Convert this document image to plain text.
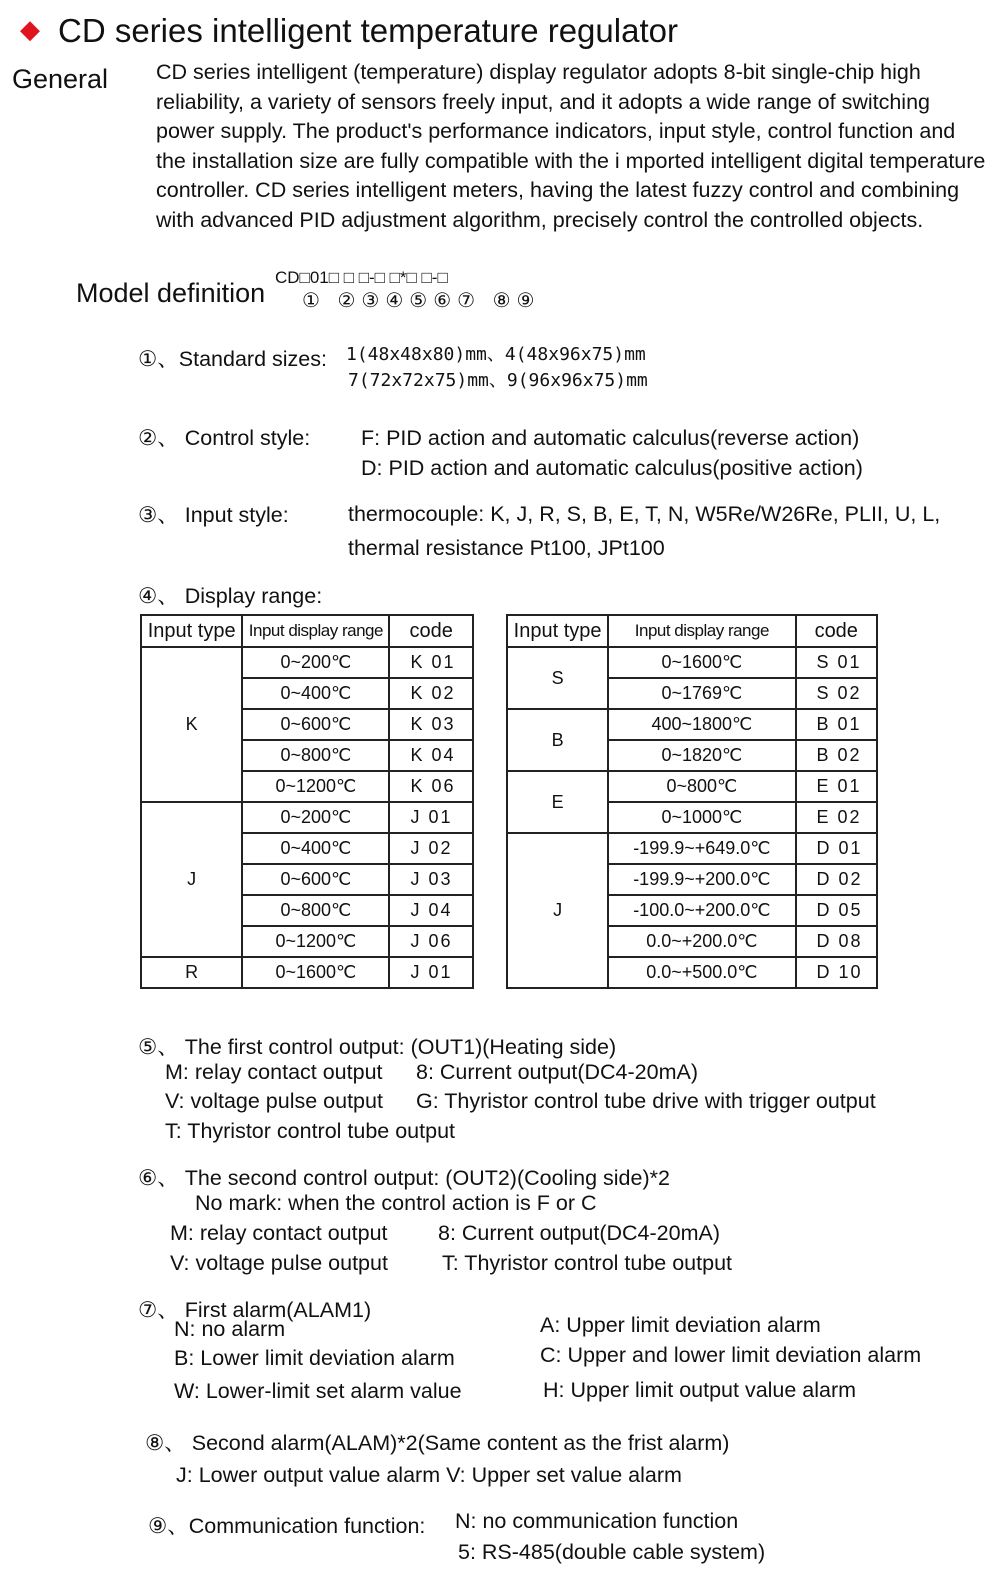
◆ CD series intelligent temperature regulator
General CD series intelligent (temperature) display regulator adopts 8-bit single-chip high reliability, a variety of sensors freely input, and it adopts a wide range of switching power supply. The product's performance indicators, input style, control function and the installation size are fully compatible with the i mported intelligent digital temperature controller. CD series intelligent meters, having the latest fuzzy control and combining with advanced PID adjustment algorithm, precisely control the controlled objects.
Model definition
CD□01□ □ □-□ □*□ □-□
① ②③④⑤⑥⑦ ⑧⑨
①、Standard sizes: 1(48x48x80)mm、4(48x96x75)mm
7(72x72x75)mm、9(96x96x75)mm
②、 Control style: F: PID action and automatic calculus(reverse action)
D: PID action and automatic calculus(positive action)
③、 Input style:	thermocouple: K, J, R, S, B, E, T, N, W5Re/W26Re, PLII, U, L,
thermal resistance Pt100, JPt100
④、 Display range:
Input type	Input display range	code
K	0~200℃	K 01
	0~400℃	K 02
	0~600℃	K 03
	0~800℃	K 04
	0~1200℃	K 06
J	0~200℃	J 01
	0~400℃	J 02
	0~600℃	J 03
	0~800℃	J 04
	0~1200℃	J 06
R	0~1600℃	J 01
Input type	Input display range	code
S	0~1600℃	S 01
	0~1769℃	S 02
B	400~1800℃	B 01
	0~1820℃	B 02
E	0~800℃	E 01
	0~1000℃	E 02
J	-199.9~+649.0℃	D 01
	-199.9~+200.0℃	D 02
	-100.0~+200.0℃	D 05
	0.0~+200.0℃	D 08
	0.0~+500.0℃	D 10
⑤、 The first control output: (OUT1)(Heating side)
M: relay contact output 8: Current output(DC4-20mA)
V: voltage pulse output G: Thyristor control tube drive with trigger output
T: Thyristor control tube output
⑥、 The second control output: (OUT2)(Cooling side)*2
No mark: when the control action is F or C
M: relay contact output 8: Current output(DC4-20mA)
V: voltage pulse output	T: Thyristor control tube output
⑦、 First alarm(ALAM1)
N: no alarm	A: Upper limit deviation alarm
B: Lower limit deviation alarm	C: Upper and lower limit deviation alarm
W: Lower-limit set alarm value	H: Upper limit output value alarm
⑧、 Second alarm(ALAM)*2(Same content as the frist alarm)
J: Lower output value alarm V: Upper set value alarm
⑨、Communication function: N: no communication function
5: RS-485(double cable system)
